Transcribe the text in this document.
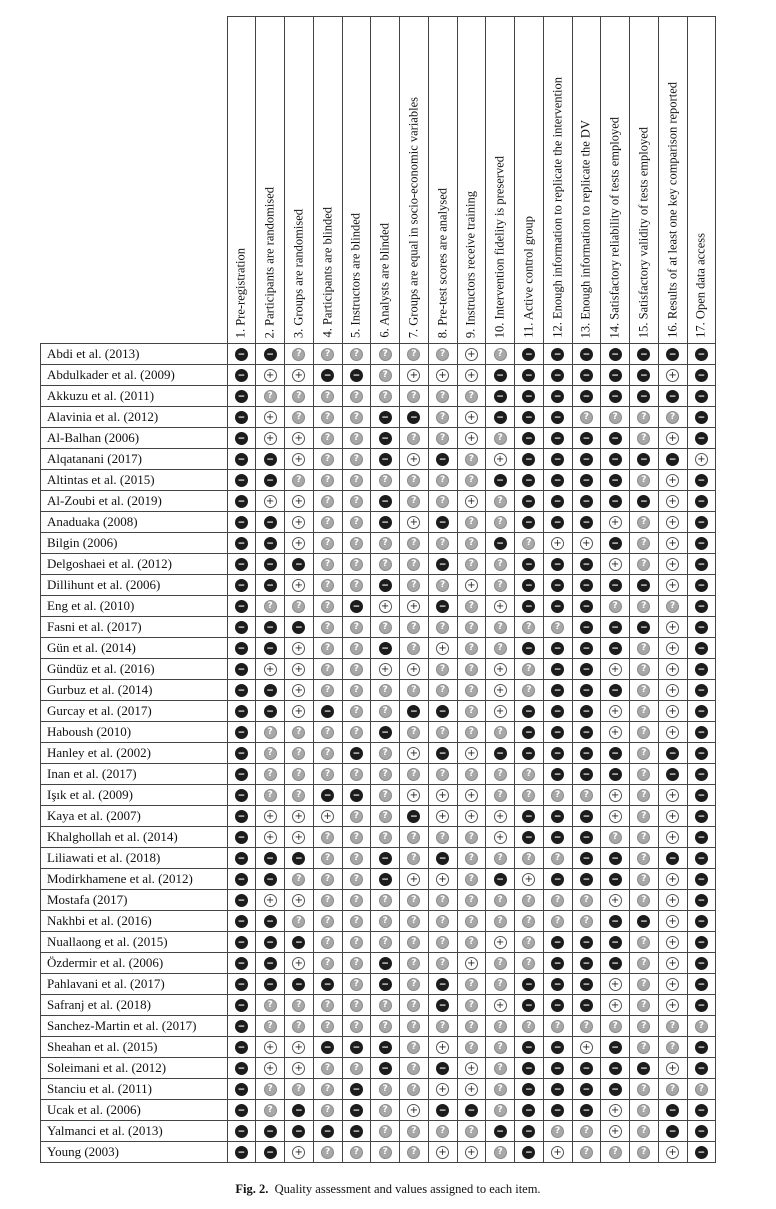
	1. Pre-registration	2. Participants are randomised	3. Groups are randomised	4. Participants are blinded	5. Instructors are blinded	6. Analysts are blinded	7. Groups are equal in socio-economic variables	8. Pre-test scores are analysed	9. Instructors receive training	10. Intervention fidelity is preserved	11. Active control group	12. Enough information to replicate the intervention	13. Enough information to replicate the DV	14. Satisfactory reliability of tests employed	15. Satisfactory validity of tests employed	16. Results of at least one key comparison reported	17. Open data access

Abdi et al. (2013)	−	−	?	?	?	?	?	?	+	?	−	−	−	−	−	−	−
Abdulkader et al. (2009)	−	+	+	−	−	?	+	+	+	−	−	−	−	−	−	+	−
Akkuzu et al. (2011)	−	?	?	?	?	?	?	?	?	−	−	−	−	−	−	−	−
Alavinia et al. (2012)	−	+	?	?	?	−	−	?	+	−	−	−	?	?	?	?	−
Al-Balhan (2006)	−	+	+	?	?	−	?	?	+	?	−	−	−	−	?	+	−
Alqatanani (2017)	−	−	+	?	?	−	+	−	?	+	−	−	−	−	−	−	+
Altintas et al. (2015)	−	−	?	?	?	?	?	?	?	−	−	−	−	−	?	+	−
Al-Zoubi et al. (2019)	−	+	+	?	?	−	?	?	+	?	−	−	−	−	−	+	−
Anaduaka (2008)	−	−	+	?	?	−	+	−	?	?	−	−	−	+	?	+	−
Bilgin (2006)	−	−	+	?	?	?	?	?	?	−	?	+	+	−	?	+	−
Delgoshaei et al. (2012)	−	−	−	?	?	?	?	−	?	?	−	−	−	+	?	+	−
Dillihunt et al. (2006)	−	−	+	?	?	−	?	?	+	?	−	−	−	−	−	+	−
Eng et al. (2010)	−	?	?	?	−	+	+	−	?	+	−	−	−	?	?	?	−
Fasni et al. (2017)	−	−	−	?	?	?	?	?	?	?	?	?	−	−	−	+	−
Gün et al. (2014)	−	−	+	?	?	−	?	+	?	?	−	−	−	−	?	+	−
Gündüz et al. (2016)	−	+	+	?	?	+	+	?	?	+	?	−	−	+	?	+	−
Gurbuz et al. (2014)	−	−	+	?	?	?	?	?	?	+	?	−	−	−	?	+	−
Gurcay et al. (2017)	−	−	+	−	?	?	−	−	?	+	−	−	−	+	?	+	−
Haboush (2010)	−	?	?	?	?	−	?	?	?	?	−	−	−	+	?	+	−
Hanley et al. (2002)	−	?	?	?	−	?	+	−	+	−	−	−	−	−	?	−	−
Inan et al. (2017)	−	?	?	?	?	?	?	?	?	?	?	−	−	−	?	−	−
Işık et al. (2009)	−	?	?	−	−	?	+	+	+	?	?	?	?	+	?	+	−
Kaya et al. (2007)	−	+	+	+	?	?	−	+	+	+	−	−	−	+	?	+	−
Khalghollah et al. (2014)	−	+	+	?	?	?	?	?	?	+	−	−	−	?	?	+	−
Liliawati et al. (2018)	−	−	−	?	?	−	?	−	?	?	?	?	−	−	?	−	−
Modirkhamene et al. (2012)	−	−	?	?	?	−	+	+	?	−	+	−	−	−	?	+	−
Mostafa (2017)	−	+	+	?	?	?	?	?	?	?	?	?	?	+	?	+	−
Nakhbi et al. (2016)	−	−	?	?	?	?	?	?	?	?	?	?	?	−	−	+	−
Nuallaong et al. (2015)	−	−	−	?	?	?	?	?	?	+	?	−	−	−	?	+	−
Özdermir et al. (2006)	−	−	+	?	?	−	?	?	+	?	?	−	−	−	?	+	−
Pahlavani et al. (2017)	−	−	−	−	?	−	?	−	?	?	−	−	−	+	?	+	−
Safranj et al. (2018)	−	?	?	?	?	?	?	−	?	+	−	−	−	+	?	+	−
Sanchez-Martin et al. (2017)	−	?	?	?	?	?	?	?	?	?	?	?	?	?	?	?	?
Sheahan et al. (2015)	−	+	+	−	−	−	?	+	?	?	−	−	+	−	?	?	−
Soleimani et al. (2012)	−	+	+	?	?	−	?	−	+	?	−	−	−	−	−	+	−
Stanciu et al. (2011)	−	?	?	?	−	?	?	+	+	?	−	−	−	−	?	?	?
Ucak et al. (2006)	−	?	−	?	−	?	+	−	−	?	−	−	−	+	?	−	−
Yalmanci et al. (2013)	−	−	−	−	−	?	?	?	?	−	−	?	?	+	?	−	−
Young (2003)	−	−	+	?	?	?	?	+	+	?	−	+	?	?	?	+	−
Fig. 2. Quality assessment and values assigned to each item.
